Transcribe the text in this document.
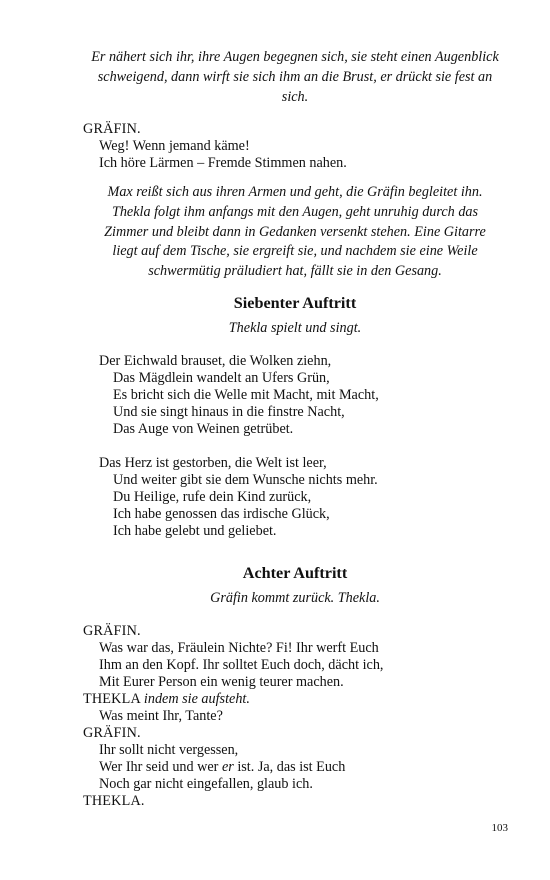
Er nähert sich ihr, ihre Augen begegnen sich, sie steht einen Augenblick
schweigend, dann wirft sie sich ihm an die Brust, er drückt sie fest an
sich.
GRÄFIN.
Weg! Wenn jemand käme!
Ich höre Lärmen – Fremde Stimmen nahen.
Max reißt sich aus ihren Armen und geht, die Gräfin begleitet ihn.
Thekla folgt ihm anfangs mit den Augen, geht unruhig durch das
Zimmer und bleibt dann in Gedanken versenkt stehen. Eine Gitarre
liegt auf dem Tische, sie ergreift sie, und nachdem sie eine Weile
schwermütig präludiert hat, fällt sie in den Gesang.
Siebenter Auftritt
Thekla spielt und singt.
Der Eichwald brauset, die Wolken ziehn,
Das Mägdlein wandelt an Ufers Grün,
Es bricht sich die Welle mit Macht, mit Macht,
Und sie singt hinaus in die finstre Nacht,
Das Auge von Weinen getrübet.
Das Herz ist gestorben, die Welt ist leer,
Und weiter gibt sie dem Wunsche nichts mehr.
Du Heilige, rufe dein Kind zurück,
Ich habe genossen das irdische Glück,
Ich habe gelebt und geliebet.
Achter Auftritt
Gräfin kommt zurück. Thekla.
GRÄFIN.
Was war das, Fräulein Nichte? Fi! Ihr werft Euch
Ihm an den Kopf. Ihr solltet Euch doch, dächt ich,
Mit Eurer Person ein wenig teurer machen.
THEKLA indem sie aufsteht.
Was meint Ihr, Tante?
GRÄFIN.
Ihr sollt nicht vergessen,
Wer Ihr seid und wer er ist. Ja, das ist Euch
Noch gar nicht eingefallen, glaub ich.
THEKLA.
103
